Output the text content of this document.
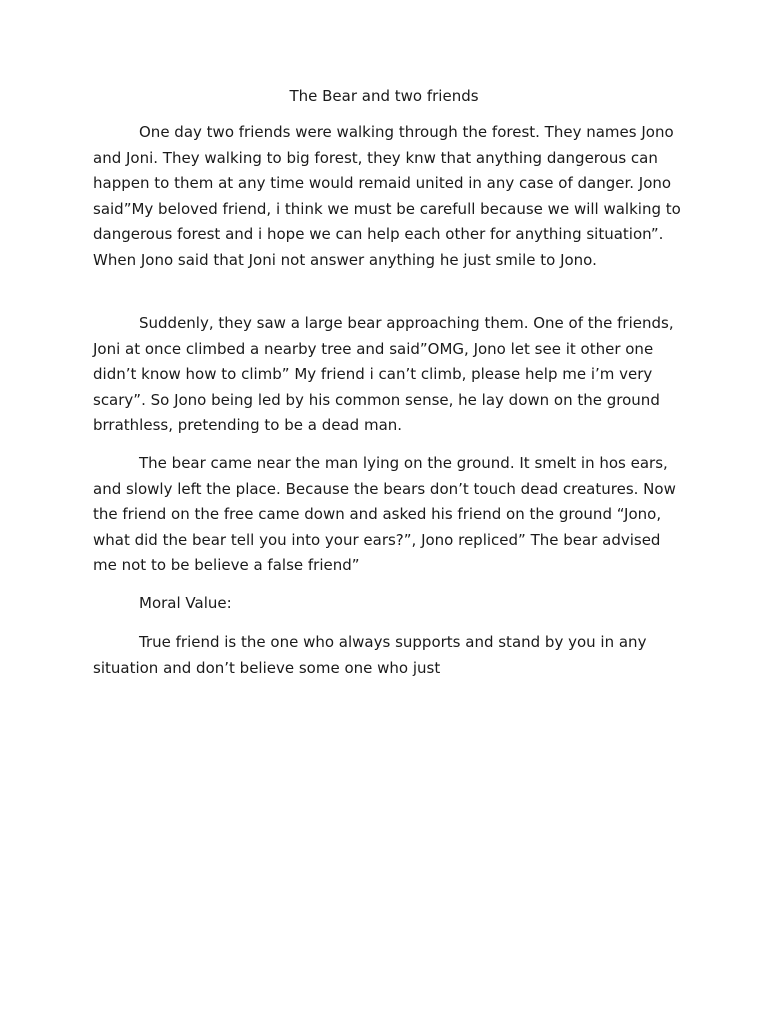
The Bear and two friends

One day two friends were walking through the forest. They names Jono and Joni. They walking to big forest, they knw that anything dangerous can happen to them at any time would remaid united in any case of danger. Jono said”My beloved friend, i think we must be carefull because we will walking to dangerous forest and i hope we can help each other for anything situation”. When Jono said that Joni not answer anything he just smile to Jono.

Suddenly, they saw a large bear approaching them. One of the friends, Joni at once climbed a nearby tree and said”OMG, Jono let see it other one didn’t know how to climb” My friend i can’t climb, please help me i’m very scary”. So Jono being led by his common sense, he lay down on the ground brrathless, pretending to be a dead man.

The bear came near the man lying on the ground. It smelt in hos ears, and slowly left the place. Because the bears don’t touch dead creatures. Now the friend on the free came down and asked his friend on the ground “Jono, what did the bear tell you into your ears?”, Jono repliced” The bear advised me not to be believe a false friend”

Moral Value:

True friend is the one who always supports and stand by you in any situation and don’t believe some one who just
